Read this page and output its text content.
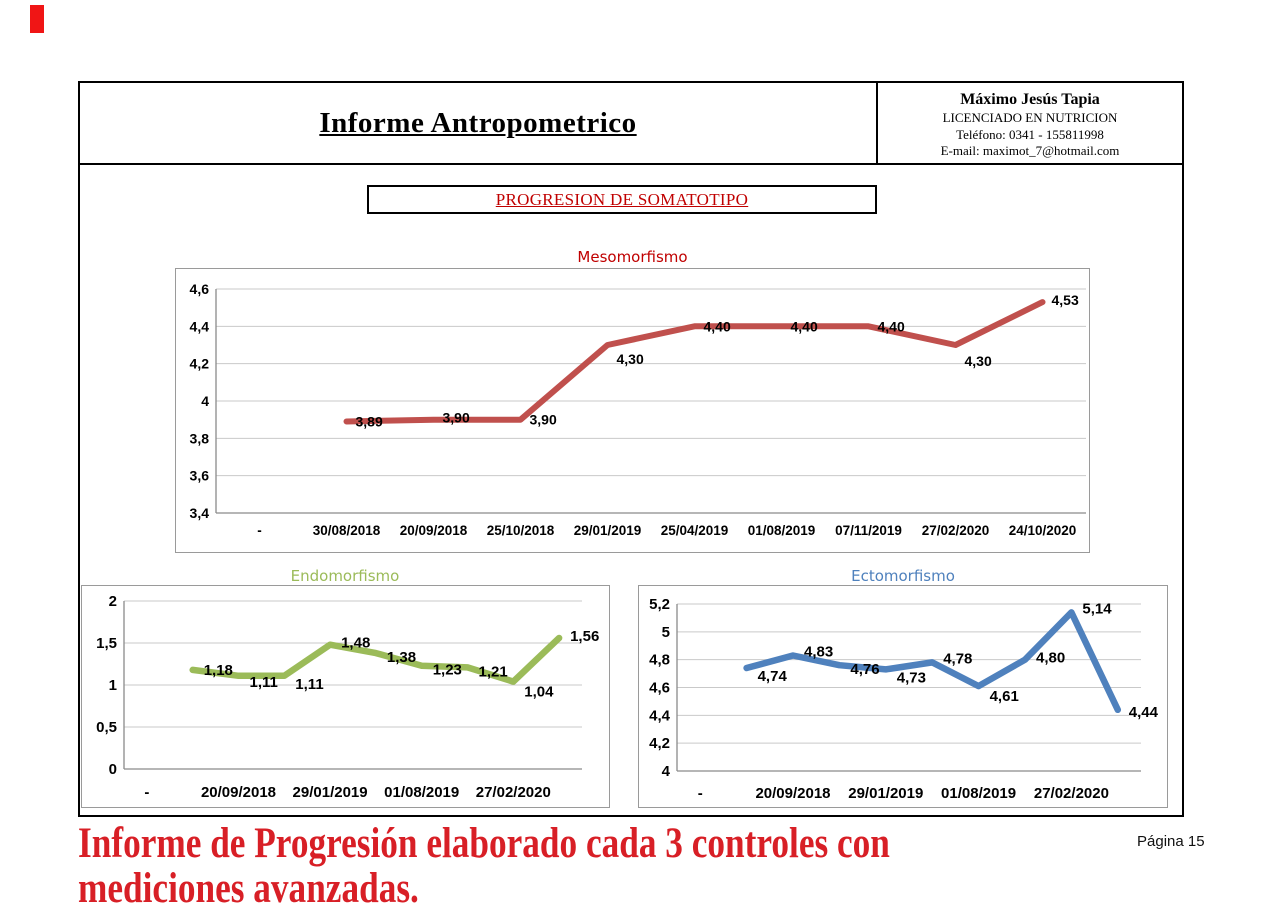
Informe Antropometrico
Máximo Jesús Tapia
LICENCIADO EN NUTRICION
Teléfono: 0341 - 155811998
E-mail: maximot_7@hotmail.com
PROGRESION DE SOMATOTIPO
Mesomorfismo
4,6
4,4
4,2
4
3,8
3,6
3,4
-	30/08/2018 20/09/2018 25/10/2018 29/01/2019 25/04/2019 01/08/2019 07/11/2019 27/02/2020 24/10/2020
3,89	3,90	3,90
4,30
4,40	4,40	4,40
4,30
4,53
Endomorfismo
2
1,5
1
0,5
0
-	20/09/2018 29/01/2019 01/08/2019 27/02/2020
1,18
1,11 1,11
1,48
1,38
1,23 1,21
1,04
1,56
Ectomorfismo
5,2
5
4,8
4,6
4,4
4,2
4
-	20/09/2018 29/01/2019 01/08/2019 27/02/2020
4,74
4,83
4,76 4,73
4,78
4,61
4,80
5,14
4,44
Informe de Progresión elaborado cada 3 controles con
mediciones avanzadas.
Página 15
